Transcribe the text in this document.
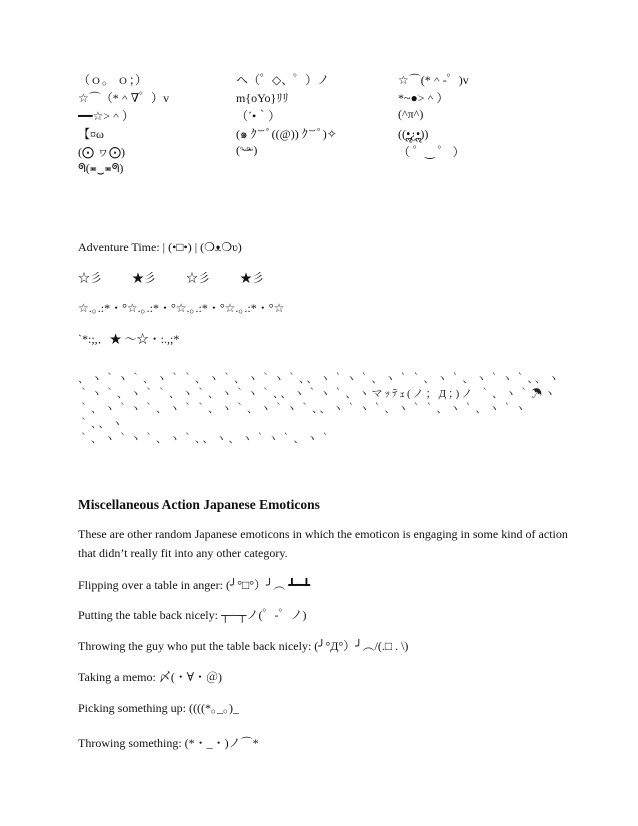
（ｏ。 ｏ；）	ヘ（゜◇、゜）ノ	☆⌒(*＾-゜)v
☆⌒（*＾∇゜）v	m{oYo}ﾘﾘ	*~●>＾）
━━☆>＾）	（´•｀）	(^π^)
【¤ω	(๑ ｸ ᷅ ᷄ ﾟ((@)) ｸ ᷅ ᷄ ﾟ)✧	((•ॢ¿•ॢ))
(⨀ ヮ⨀)	(ᵔ̴ ̶ᵒ̴ᵕ)	（ ゜‿ ゜ ）
ᖗ(≖‿≖ᖗ)
Adventure Time: | (•□•) | (❍ᴥ❍ʋ)
☆彡	★彡	☆彡	★彡
☆.｡.:*・°☆.｡.:*・°☆.｡.:*・°☆.｡.:*・°☆
`*:;,．★ 〜☆・:.,;*
、ヽ｀ヽ｀、ヽ｀｀、ヽ｀、ヽ｀ヽ｀、、ヽ｀ヽ｀、ヽ｀｀、ヽ｀、ヽ｀ヽ｀、、ヽ
｀ヽ｀、ヽ｀｀、ヽ｀、ヽ｀ヽ｀、、ヽ｀ヽ｀、ヽマｯﾃｪ(ノ；Д；)ノ ｀、ヽ｀☂ヽ
｀、ヽ｀ヽ｀、ヽ｀｀、ヽ｀、ヽ｀ヽ｀、、ヽ｀ヽ｀、ヽ｀｀、ヽ｀、ヽ｀ヽ｀、、ヽ
｀、ヽ｀ヽ｀、ヽ｀、、ヽ、ヽ｀ヽ｀、ヽ｀
Miscellaneous Action Japanese Emoticons
These are other random Japanese emoticons in which the emoticon is engaging in some kind of action that didn’t really fit into any other category.
Flipping over a table in anger: (╯°□°）╯︵ ┻━┻
Putting the table back nicely: ┬─┬ノ(゜-゜ノ)
Throwing the guy who put the table back nicely: (╯°Д°）╯︵/(.□ . \)
Taking a memo: 〆(・∀・＠)
Picking something up: ((((*｡_｡)_
Throwing something: (*・_・)ノ⌒*
